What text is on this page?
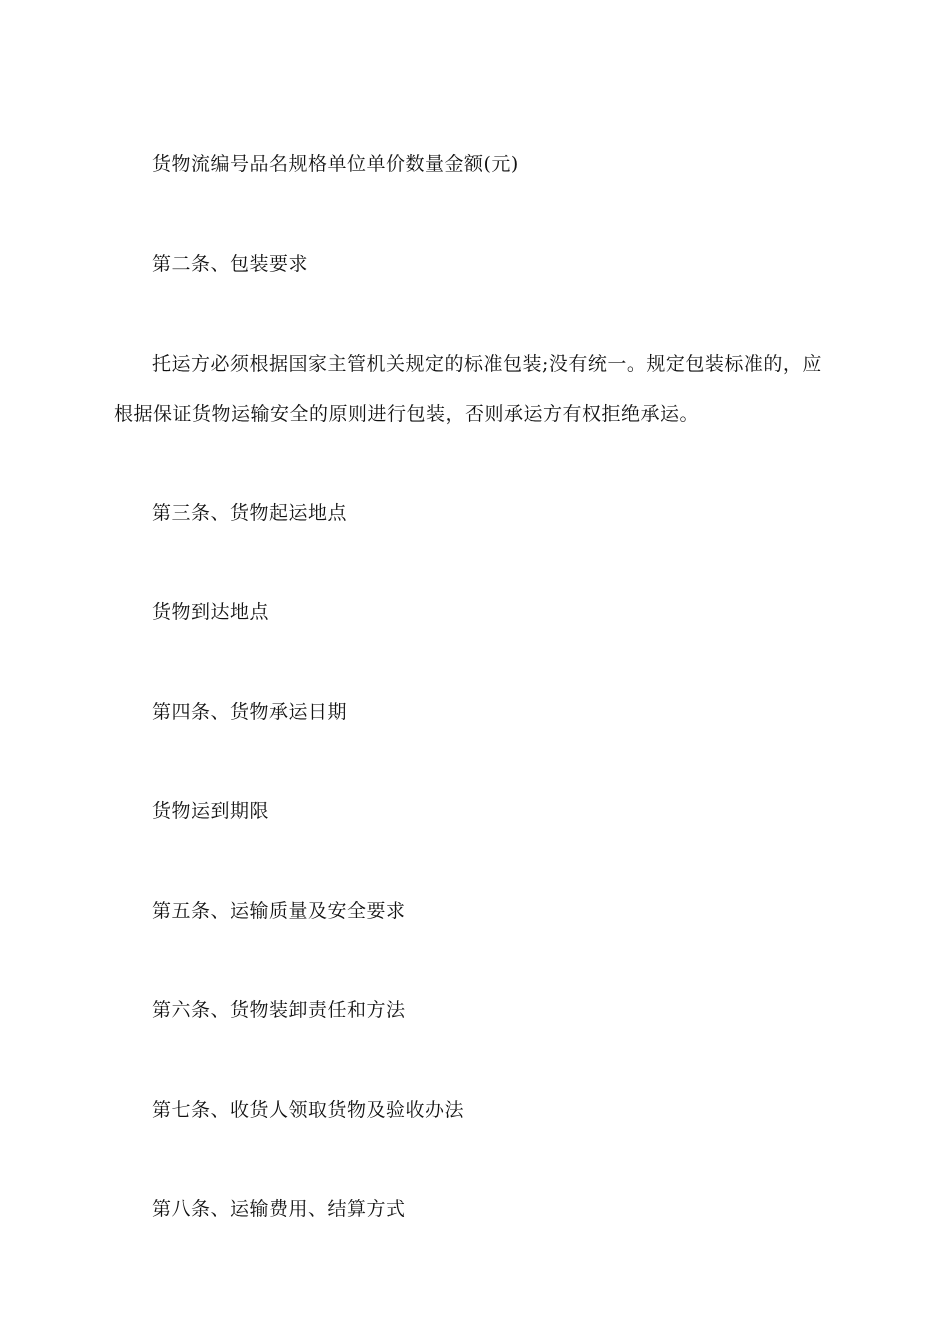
货物流编号品名规格单位单价数量金额(元)
第二条、包装要求
托运方必须根据国家主管机关规定的标准包装;没有统一。规定包装标准的，应根据保证货物运输安全的原则进行包装，否则承运方有权拒绝承运。
第三条、货物起运地点
货物到达地点
第四条、货物承运日期
货物运到期限
第五条、运输质量及安全要求
第六条、货物装卸责任和方法
第七条、收货人领取货物及验收办法
第八条、运输费用、结算方式
